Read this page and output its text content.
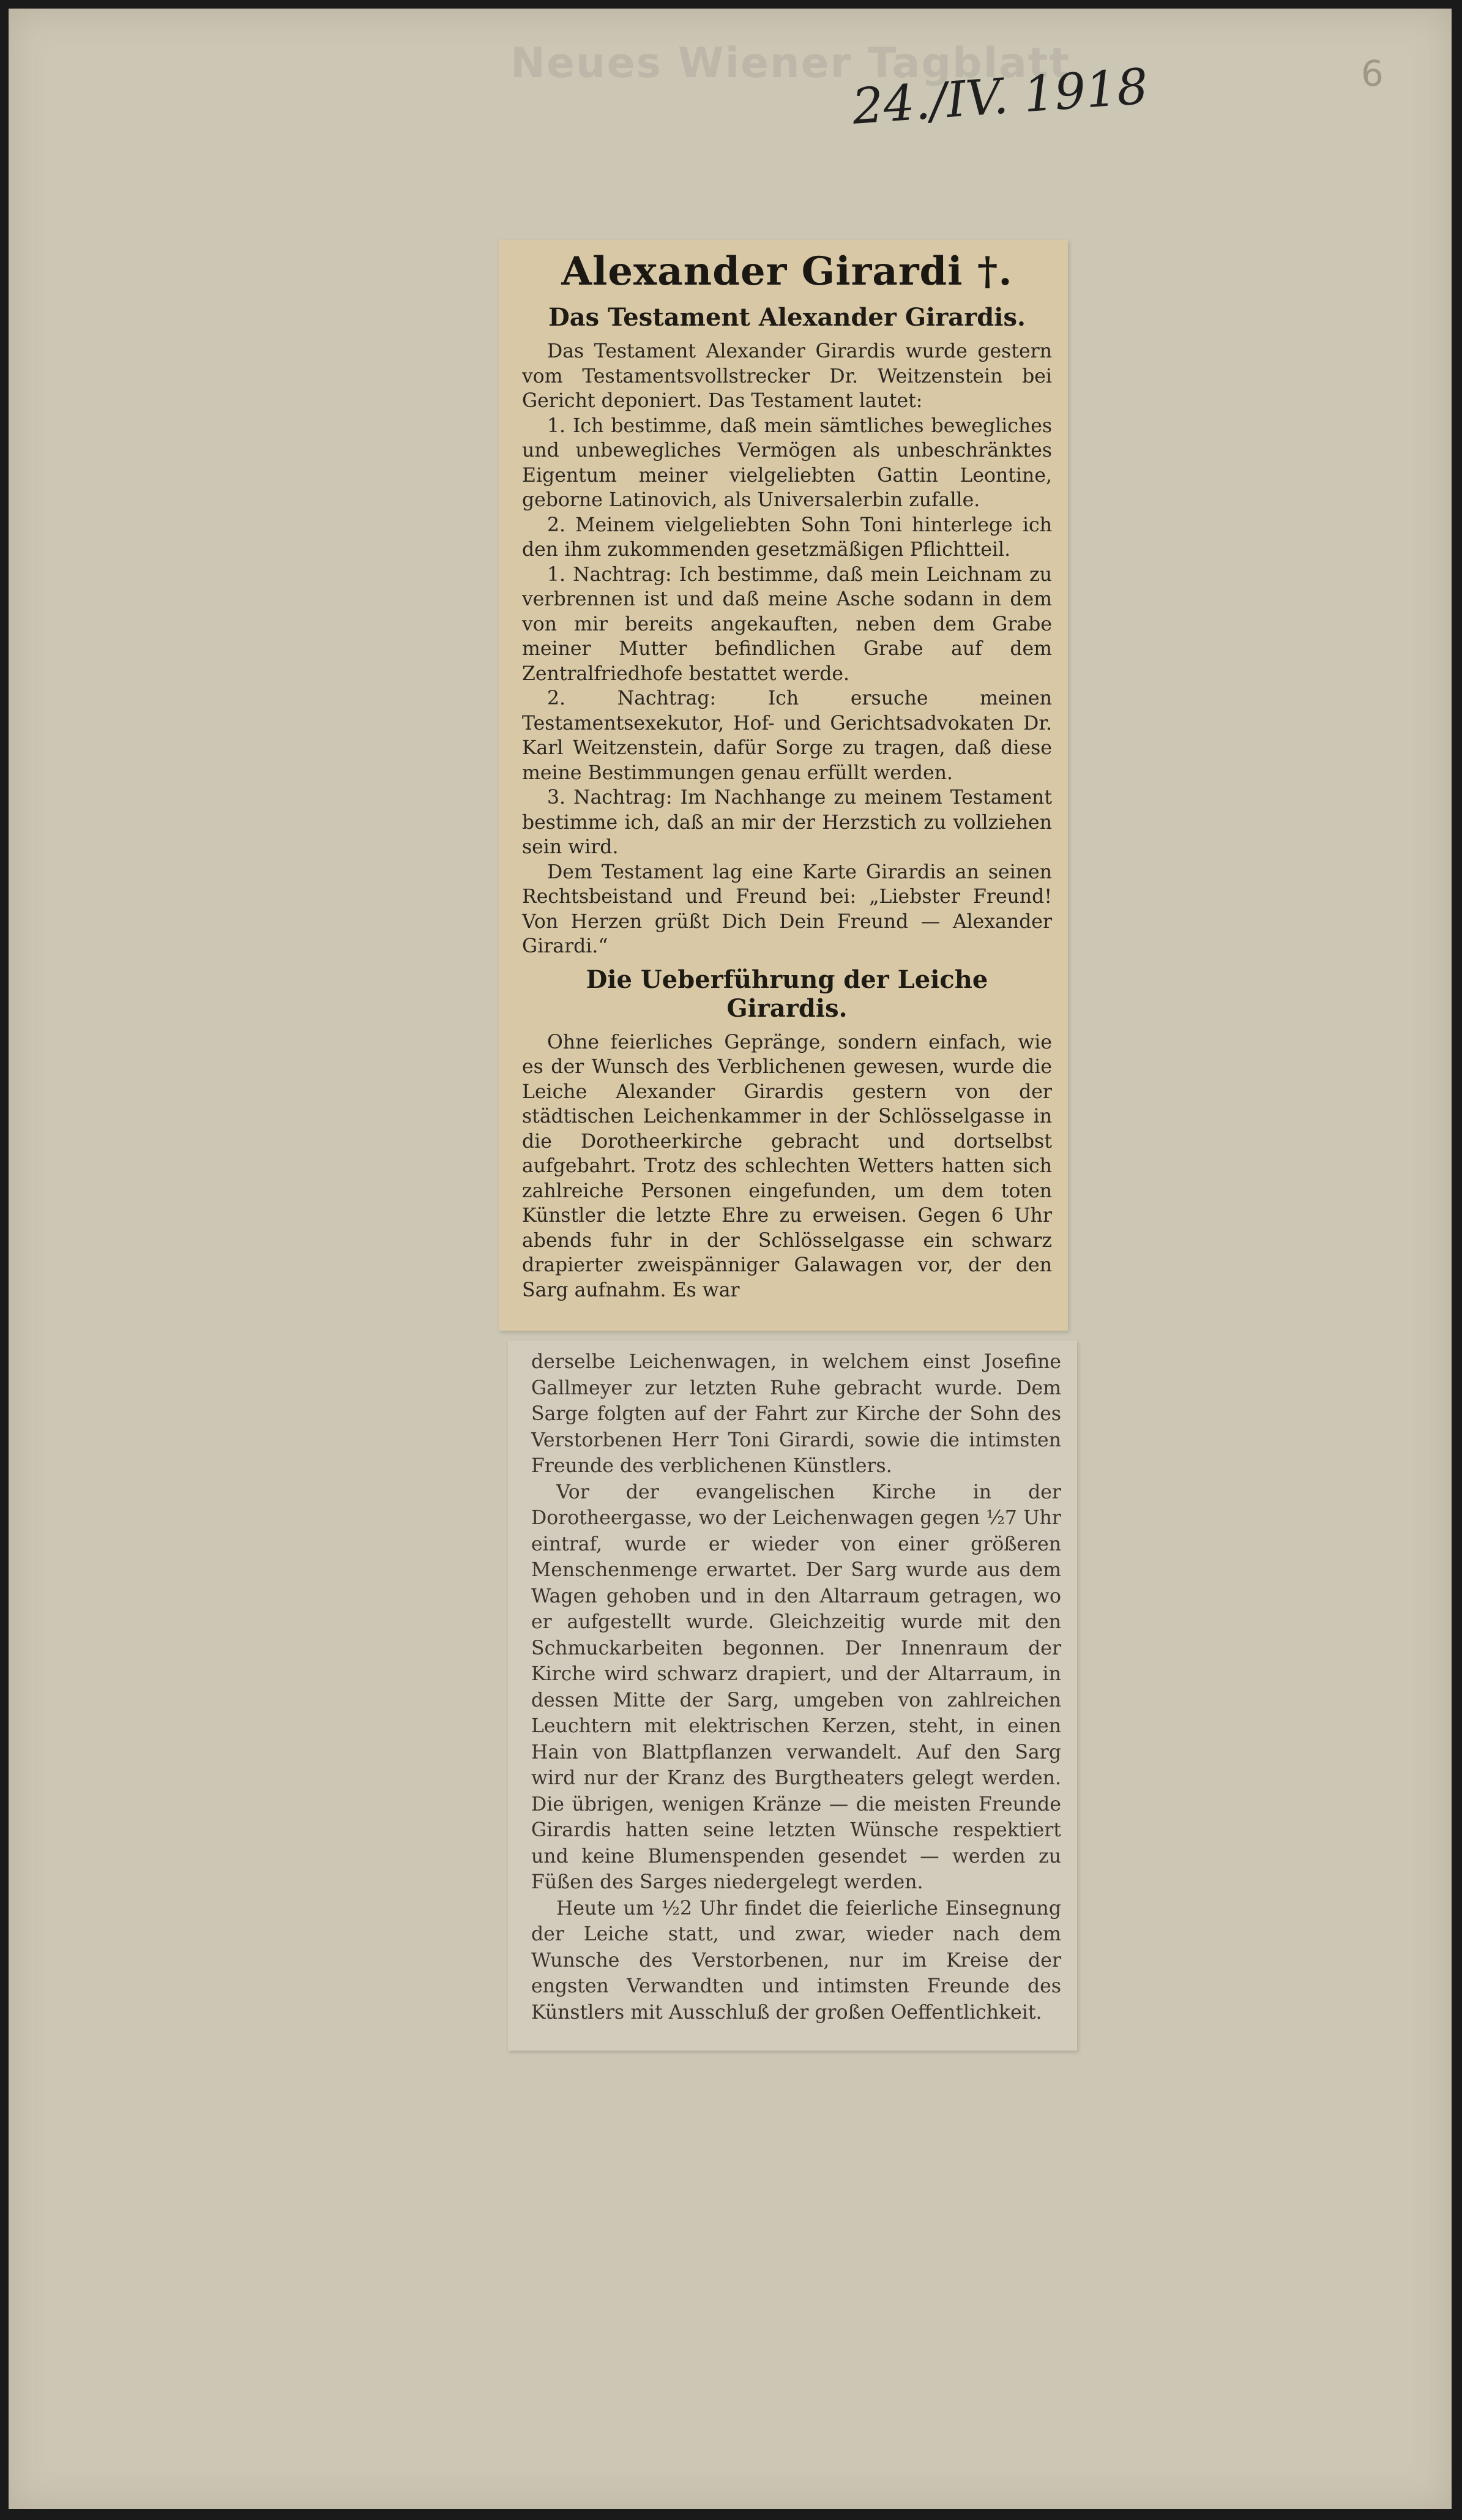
Neues Wiener Tagblatt
24./IV. 1918	6
Alexander Girardi †.
Das Testament Alexander Girardis.

Das Testament Alexander Girardis wurde gestern vom Testamentsvollstrecker Dr. Weitzenstein bei Gericht deponiert. Das Testament lautet:

1. Ich bestimme, daß mein sämtliches bewegliches und unbewegliches Vermögen als unbeschränktes Eigentum meiner vielgeliebten Gattin Leontine, geborne Latinovich, als Universalerbin zufalle.

2. Meinem vielgeliebten Sohn Toni hinterlege ich den ihm zukommenden gesetzmäßigen Pflichtteil.

1. Nachtrag: Ich bestimme, daß mein Leichnam zu verbrennen ist und daß meine Asche sodann in dem von mir bereits angekauften, neben dem Grabe meiner Mutter befindlichen Grabe auf dem Zentralfriedhofe bestattet werde.

2. Nachtrag: Ich ersuche meinen Testamentsexekutor, Hof- und Gerichtsadvokaten Dr. Karl Weitzenstein, dafür Sorge zu tragen, daß diese meine Bestimmungen genau erfüllt werden.

3. Nachtrag: Im Nachhange zu meinem Testament bestimme ich, daß an mir der Herzstich zu vollziehen sein wird.

Dem Testament lag eine Karte Girardis an seinen Rechtsbeistand und Freund bei: „Liebster Freund! Von Herzen grüßt Dich Dein Freund — Alexander Girardi.“

Die Ueberführung der Leiche Girardis.

Ohne feierliches Gepränge, sondern einfach, wie es der Wunsch des Verblichenen gewesen, wurde die Leiche Alexander Girardis gestern von der städtischen Leichenkammer in der Schlösselgasse in die Dorotheerkirche gebracht und dortselbst aufgebahrt. Trotz des schlechten Wetters hatten sich zahlreiche Personen eingefunden, um dem toten Künstler die letzte Ehre zu erweisen. Gegen 6 Uhr abends fuhr in der Schlösselgasse ein schwarz drapierter zweispänniger Galawagen vor, der den Sarg aufnahm. Es war

derselbe Leichenwagen, in welchem einst Josefine Gallmeyer zur letzten Ruhe gebracht wurde. Dem Sarge folgten auf der Fahrt zur Kirche der Sohn des Verstorbenen Herr Toni Girardi, sowie die intimsten Freunde des verblichenen Künstlers.

Vor der evangelischen Kirche in der Dorotheergasse, wo der Leichenwagen gegen ½7 Uhr eintraf, wurde er wieder von einer größeren Menschenmenge erwartet. Der Sarg wurde aus dem Wagen gehoben und in den Altarraum getragen, wo er aufgestellt wurde. Gleichzeitig wurde mit den Schmuckarbeiten begonnen. Der Innenraum der Kirche wird schwarz drapiert, und der Altarraum, in dessen Mitte der Sarg, umgeben von zahlreichen Leuchtern mit elektrischen Kerzen, steht, in einen Hain von Blattpflanzen verwandelt. Auf den Sarg wird nur der Kranz des Burgtheaters gelegt werden. Die übrigen, wenigen Kränze — die meisten Freunde Girardis hatten seine letzten Wünsche respektiert und keine Blumenspenden gesendet — werden zu Füßen des Sarges niedergelegt werden.

Heute um ½2 Uhr findet die feierliche Einsegnung der Leiche statt, und zwar, wieder nach dem Wunsche des Verstorbenen, nur im Kreise der engsten Verwandten und intimsten Freunde des Künstlers mit Ausschluß der großen Oeffentlichkeit.
